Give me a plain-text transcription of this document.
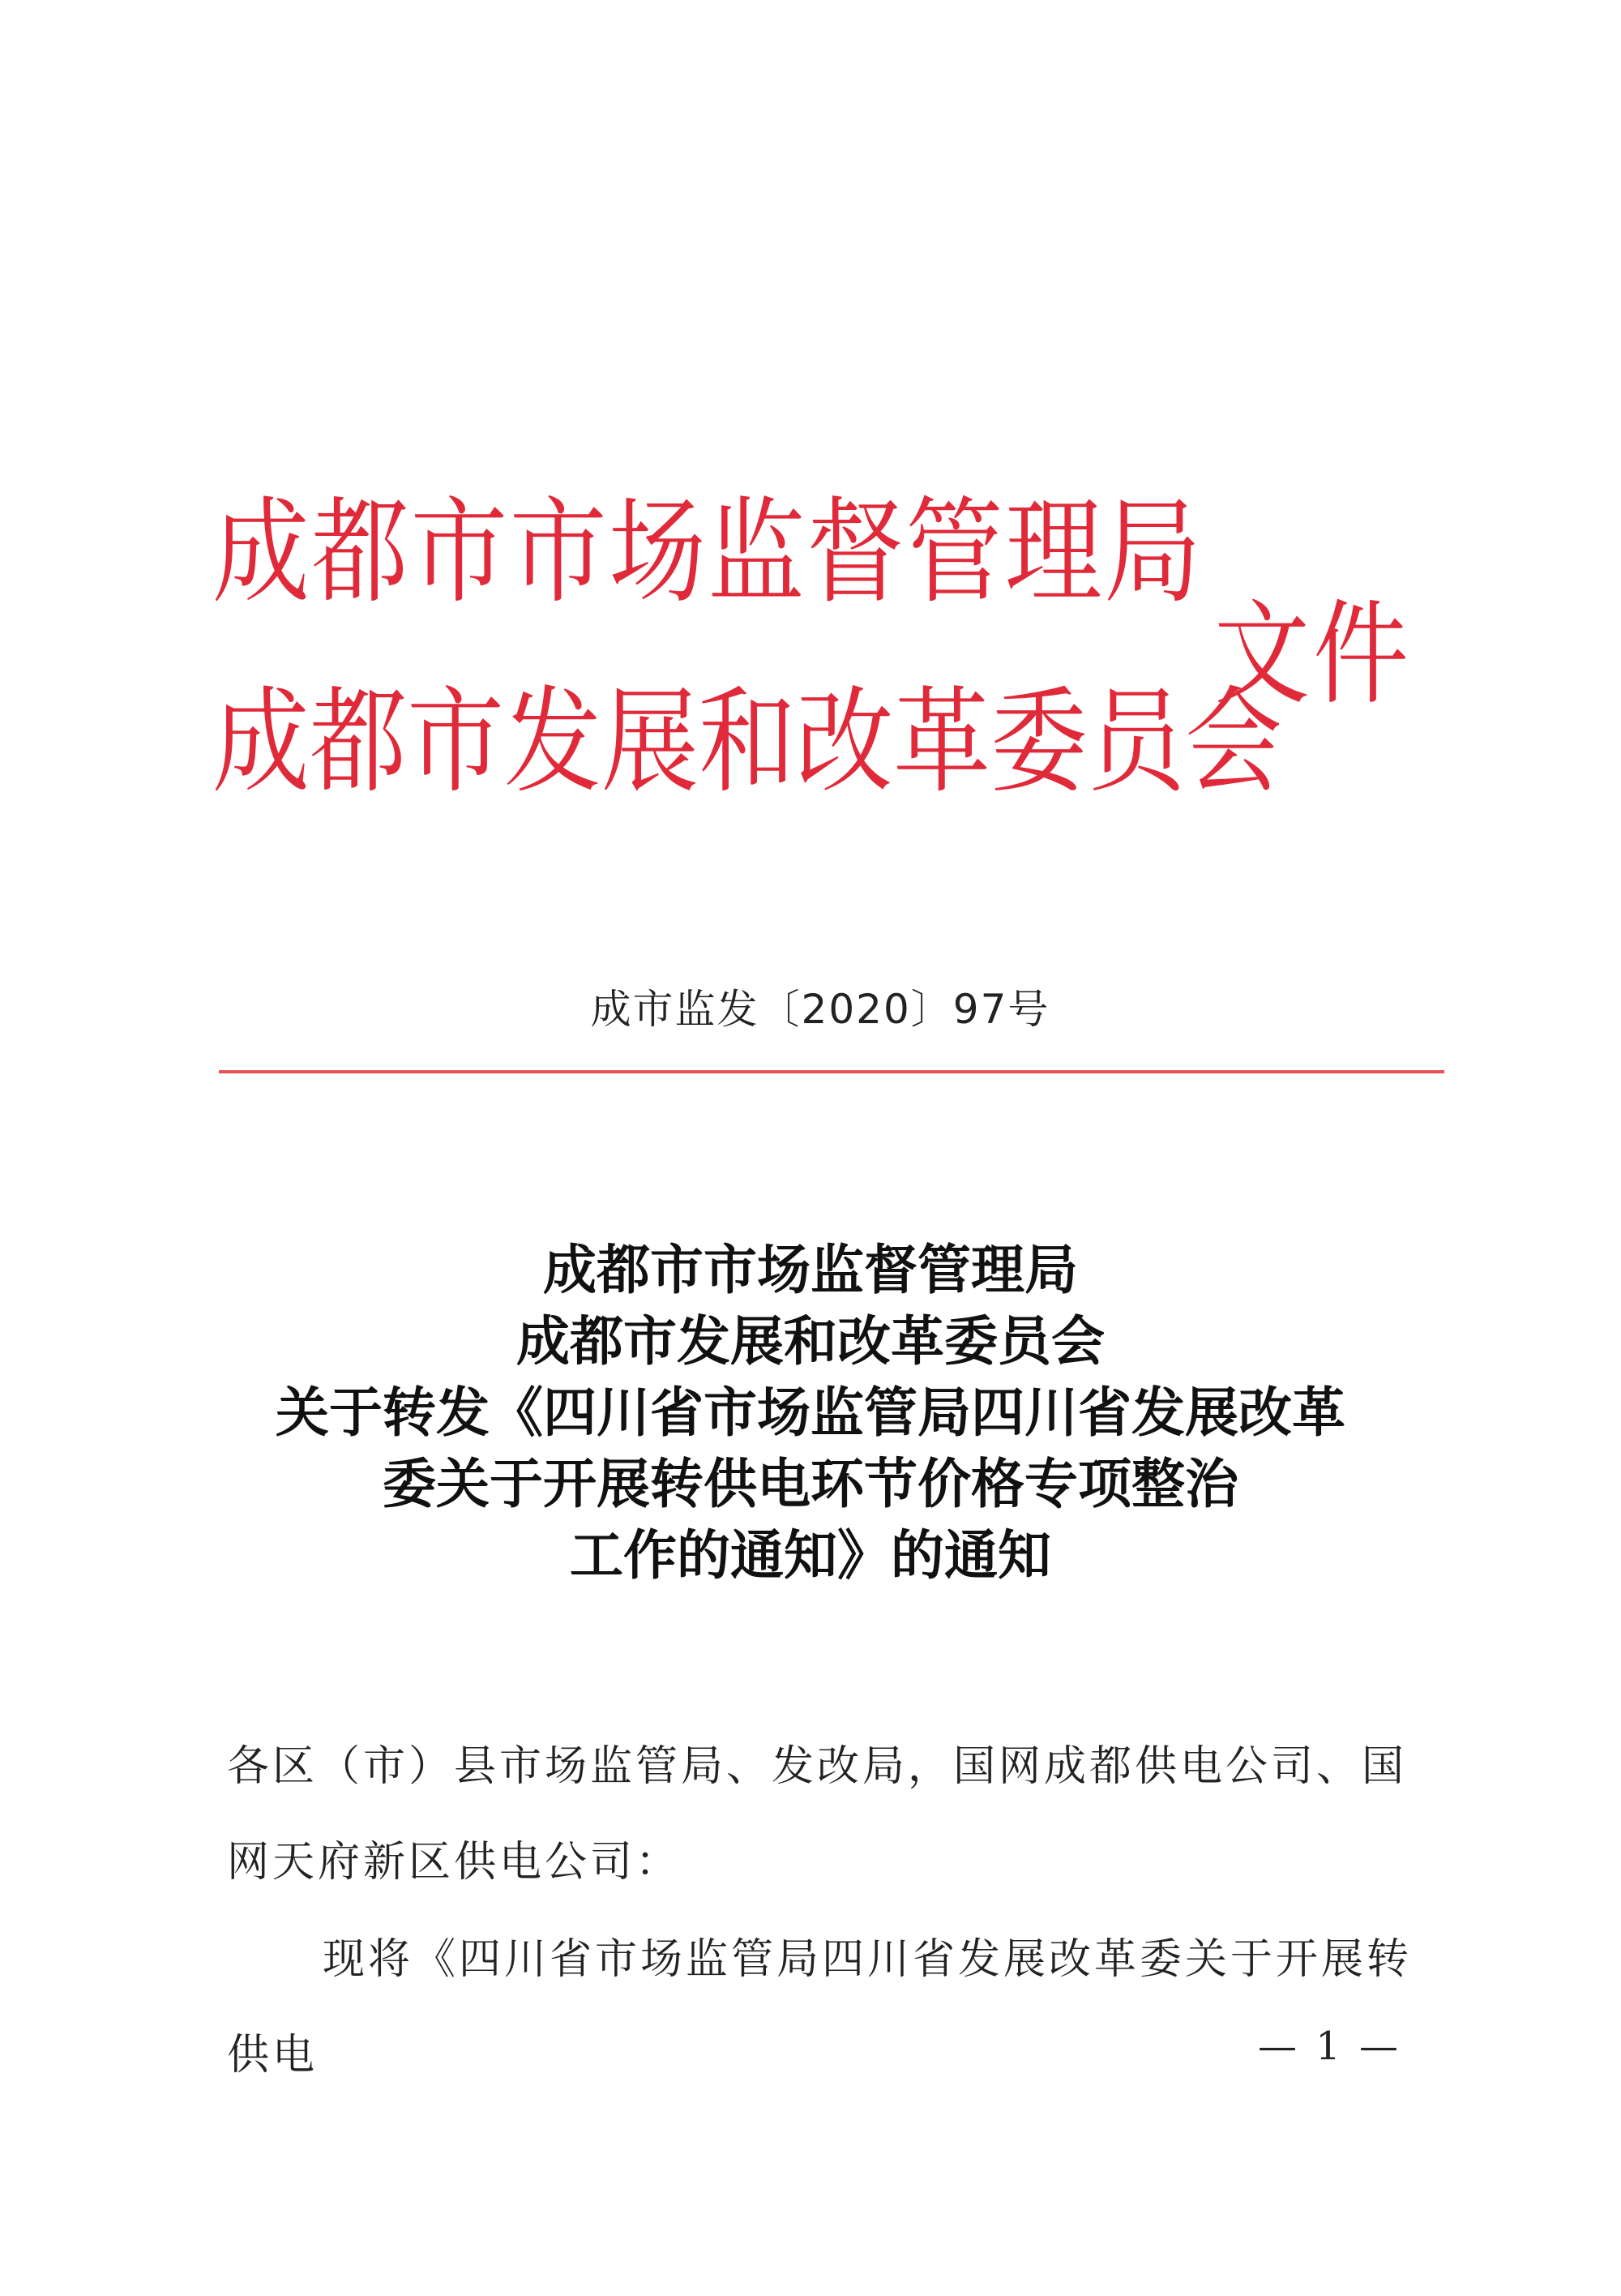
成 都 市 市 场 监 督 管 理 局
成 都 市 发 展 和 改 革 委 员 会
文件
成市监发〔2020〕97号
成都市市场监督管理局
成都市发展和改革委员会
关于转发《四川省市场监管局四川省发展改革
委关于开展转供电环节价格专项整治
工作的通知》的通知
各区（市）县市场监管局、发改局，国网成都供电公司、国网天府新区供电公司：
现将《四川省市场监管局四川省发展改革委关于开展转供电	— 1 —
